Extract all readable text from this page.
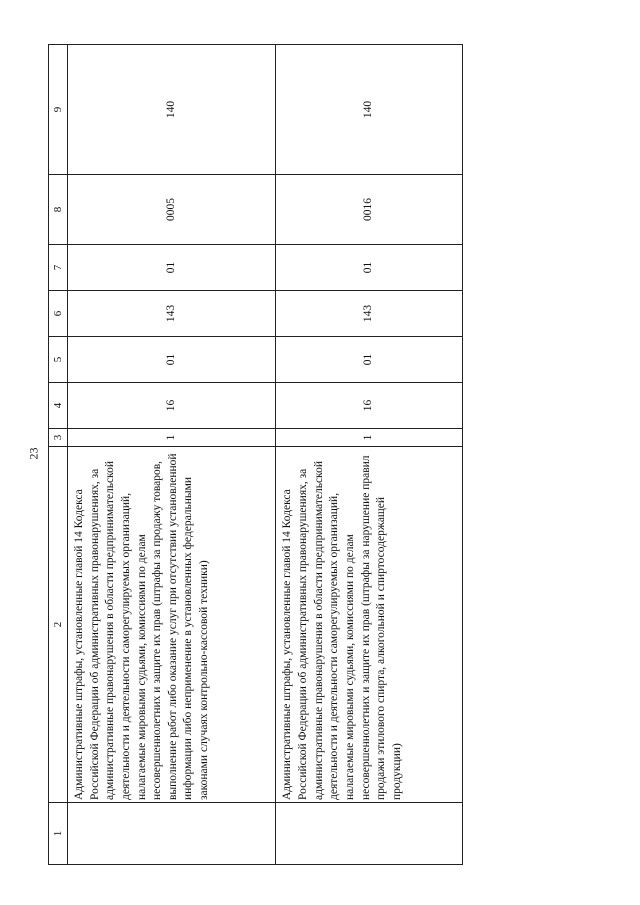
23
1	2	3	4	5	6	7	8	9
	Административные штрафы, установленные главой 14 Кодекса Российской Федерации об административных правонарушениях, за административные правонарушения в области предпринимательской деятельности и деятельности саморегулируемых организаций, налагаемые мировыми судьями, комиссиями по делам несовершеннолетних и защите их прав (штрафы за продажу товаров, выполнение работ либо оказание услуг при отсутствии установленной информации либо неприменение в установленных федеральными законами случаях контрольно-кассовой техники)	1	16	01	143	01	0005	140
	Административные штрафы, установленные главой 14 Кодекса Российской Федерации об административных правонарушениях, за административные правонарушения в области предпринимательской деятельности и деятельности саморегулируемых организаций, налагаемые мировыми судьями, комиссиями по делам несовершеннолетних и защите их прав (штрафы за нарушение правил продажи этилового спирта, алкогольной и спиртосодержащей продукции)	1	16	01	143	01	0016	140
